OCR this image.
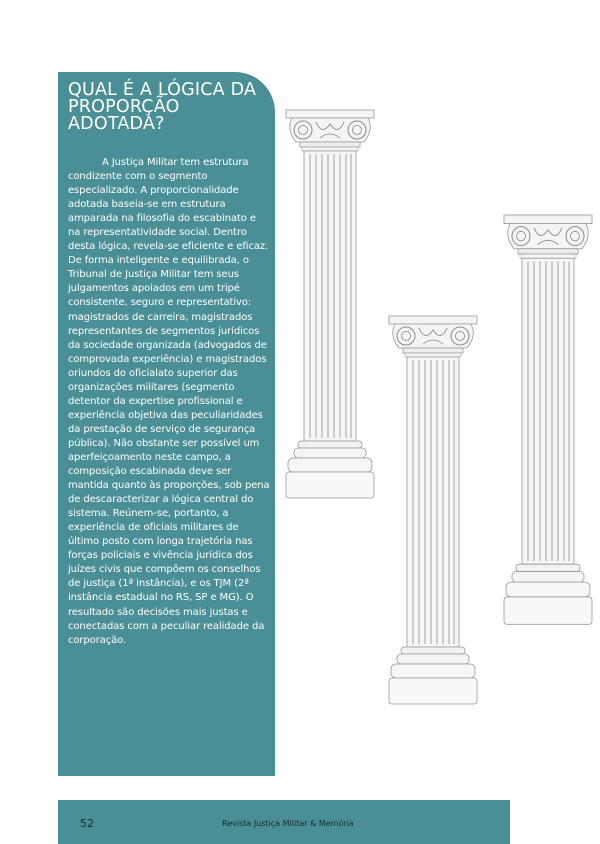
QUAL É A LÓGICA DA PROPORÇÃO ADOTADA?

A Justiça Militar tem estrutura condizente com o segmento especializado. A proporcionalidade adotada baseia-se em estrutura amparada na filosofia do escabinato e na representatividade social. Dentro desta lógica, revela-se eficiente e eficaz. De forma inteligente e equilibrada, o Tribunal de Justiça Militar tem seus julgamentos apoiados em um tripé consistente, seguro e representativo: magistrados de carreira, magistrados representantes de segmentos jurídicos da sociedade organizada (advogados de comprovada experiência) e magistrados oriundos do oficialato superior das organizações militares (segmento detentor da expertise profissional e experiência objetiva das peculiaridades da prestação de serviço de segurança pública). Não obstante ser possível um aperfeiçoamento neste campo, a composição escabinada deve ser mantida quanto às proporções, sob pena de descaracterizar a lógica central do sistema. Reúnem-se, portanto, a experiência de oficiais militares de último posto com longa trajetória nas forças policiais e vivência jurídica dos juízes civis que compõem os conselhos de justiça (1ª instância), e os TJM (2ª instância estadual no RS, SP e MG). O resultado são decisões mais justas e conectadas com a peculiar realidade da corporação.

52	Revista Justiça Militar & Memória
